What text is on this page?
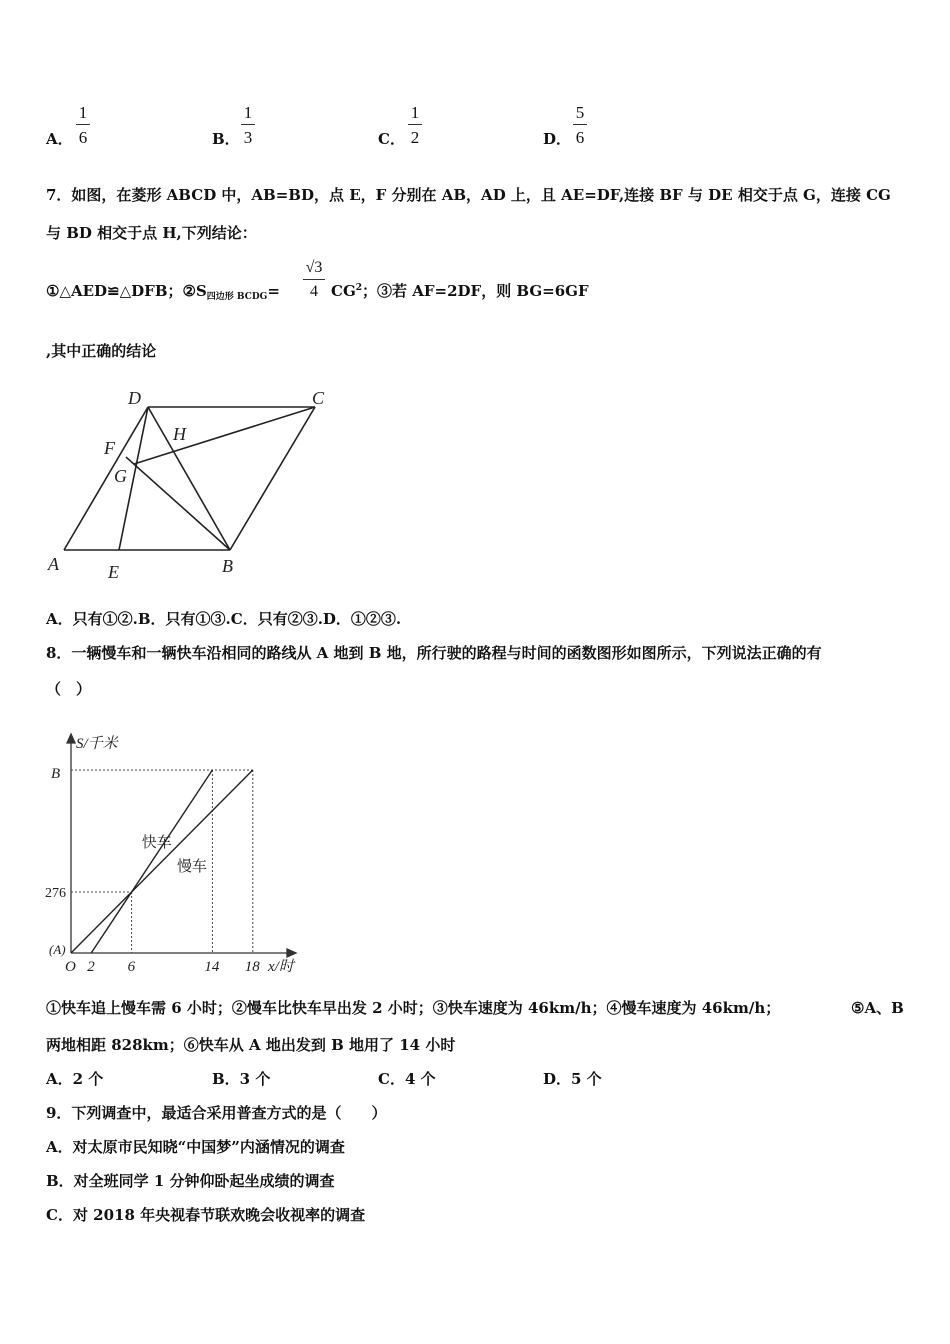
A．
1
6	B．
1
3	C．
1
2	D．
5
6
7．如图，在菱形 ABCD 中，AB=BD，点 E，F 分别在 AB，AD 上，且 AE=DF,连接 BF 与 DE 相交于点 G，连接 CG
与 BD 相交于点 H,下列结论：
①△AED≌△DFB；$②S_{四边形 BCDG}=$
√3
4 $CG^2$；③若 AF=2DF，则 BG=6GF
,其中正确的结论
A	E	B
D	C
F
G
H
A．只有①②.B．只有①③.C．只有②③.D．①②③.
8．一辆慢车和一辆快车沿相同的路线从 A 地到 B 地，所行驶的路程与时间的函数图形如图所示，下列说法正确的有
（　）
快车
慢车
2 6	14 18
276
S/千米
x/时
O
(A)
B
①快车追上慢车需 6 小时；②慢车比快车早出发 2 小时；③快车速度为 46km/h；④慢车速度为 46km/h；	⑤A、B
两地相距 828km；⑥快车从 A 地出发到 B 地用了 14 小时
A．2 个	B．3 个	C．4 个	D．5 个
9．下列调查中，最适合采用普查方式的是（　　）
A．对太原市民知晓“中国梦”内涵情况的调查
B．对全班同学 1 分钟仰卧起坐成绩的调查
C．对 2018 年央视春节联欢晚会收视率的调查
